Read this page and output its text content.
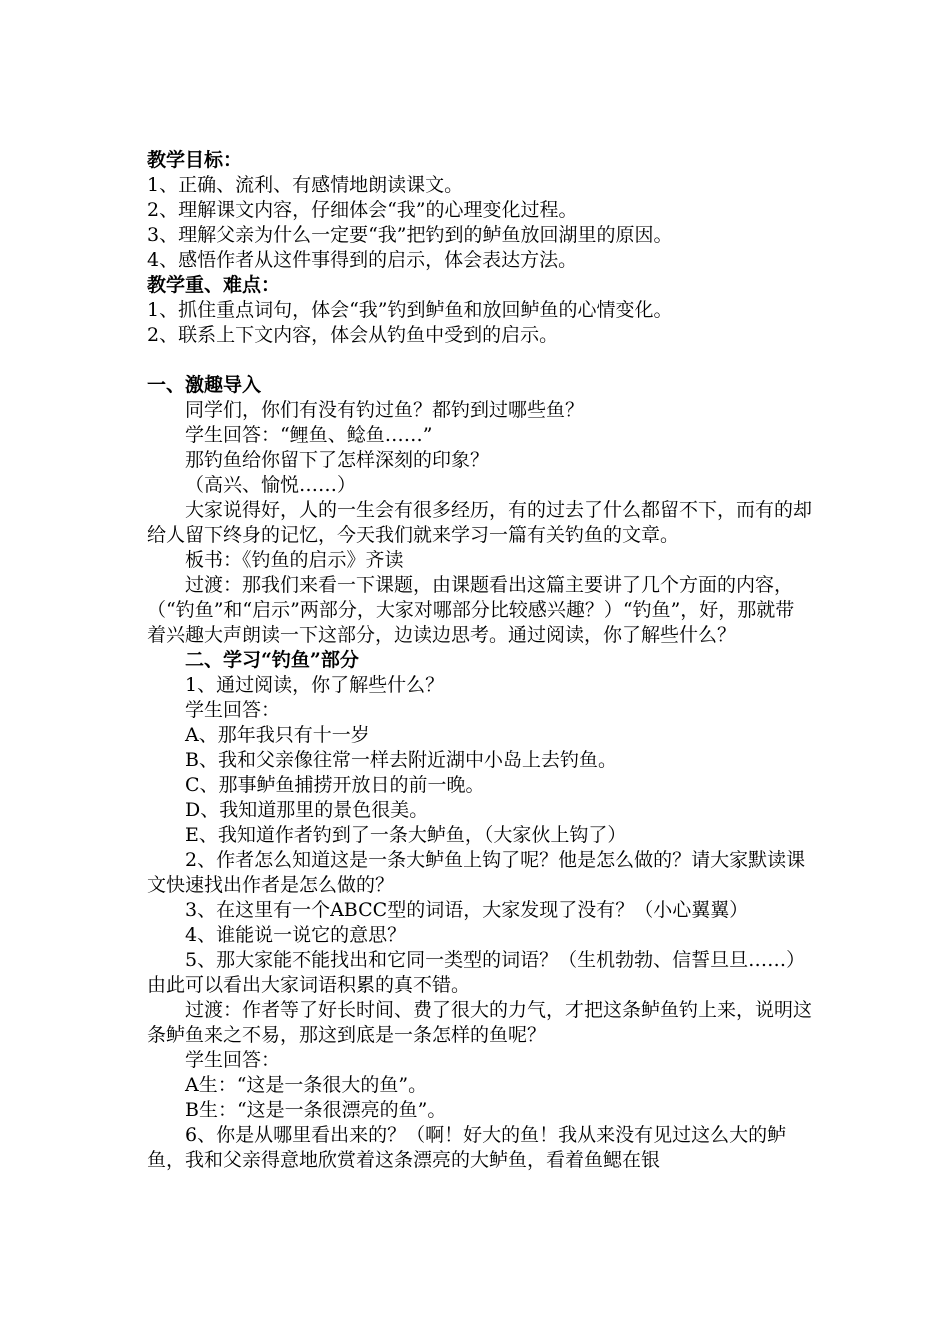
教学目标：

1、正确、流利、有感情地朗读课文。

2、理解课文内容，仔细体会“我”的心理变化过程。

3、理解父亲为什么一定要“我”把钓到的鲈鱼放回湖里的原因。

4、感悟作者从这件事得到的启示，体会表达方法。

教学重、难点：

1、抓住重点词句，体会“我”钓到鲈鱼和放回鲈鱼的心情变化。

2、联系上下文内容，体会从钓鱼中受到的启示。

一、激趣导入

同学们，你们有没有钓过鱼？都钓到过哪些鱼？

学生回答：“鲤鱼、鲶鱼……”

那钓鱼给你留下了怎样深刻的印象？

（高兴、愉悦……）

大家说得好，人的一生会有很多经历，有的过去了什么都留不下，而有的却给人留下终身的记忆，今天我们就来学习一篇有关钓鱼的文章。

板书：《钓鱼的启示》齐读

过渡：那我们来看一下课题，由课题看出这篇主要讲了几个方面的内容，（“钓鱼”和“启示”两部分，大家对哪部分比较感兴趣？）“钓鱼”，好，那就带着兴趣大声朗读一下这部分，边读边思考。通过阅读，你了解些什么？

二、学习“钓鱼”部分

1、通过阅读，你了解些什么？

学生回答：

A、那年我只有十一岁

B、我和父亲像往常一样去附近湖中小岛上去钓鱼。

C、那事鲈鱼捕捞开放日的前一晚。

D、我知道那里的景色很美。

E、我知道作者钓到了一条大鲈鱼，（大家伙上钩了）

2、作者怎么知道这是一条大鲈鱼上钩了呢？他是怎么做的？请大家默读课文快速找出作者是怎么做的？

3、在这里有一个ABCC型的词语，大家发现了没有？（小心翼翼）

4、谁能说一说它的意思？

5、那大家能不能找出和它同一类型的词语？（生机勃勃、信誓旦旦……）由此可以看出大家词语积累的真不错。

过渡：作者等了好长时间、费了很大的力气，才把这条鲈鱼钓上来，说明这条鲈鱼来之不易，那这到底是一条怎样的鱼呢？

学生回答：

A生：“这是一条很大的鱼”。

B生：“这是一条很漂亮的鱼”。

6、你是从哪里看出来的？（啊！好大的鱼！我从来没有见过这么大的鲈鱼，我和父亲得意地欣赏着这条漂亮的大鲈鱼，看着鱼鳃在银
